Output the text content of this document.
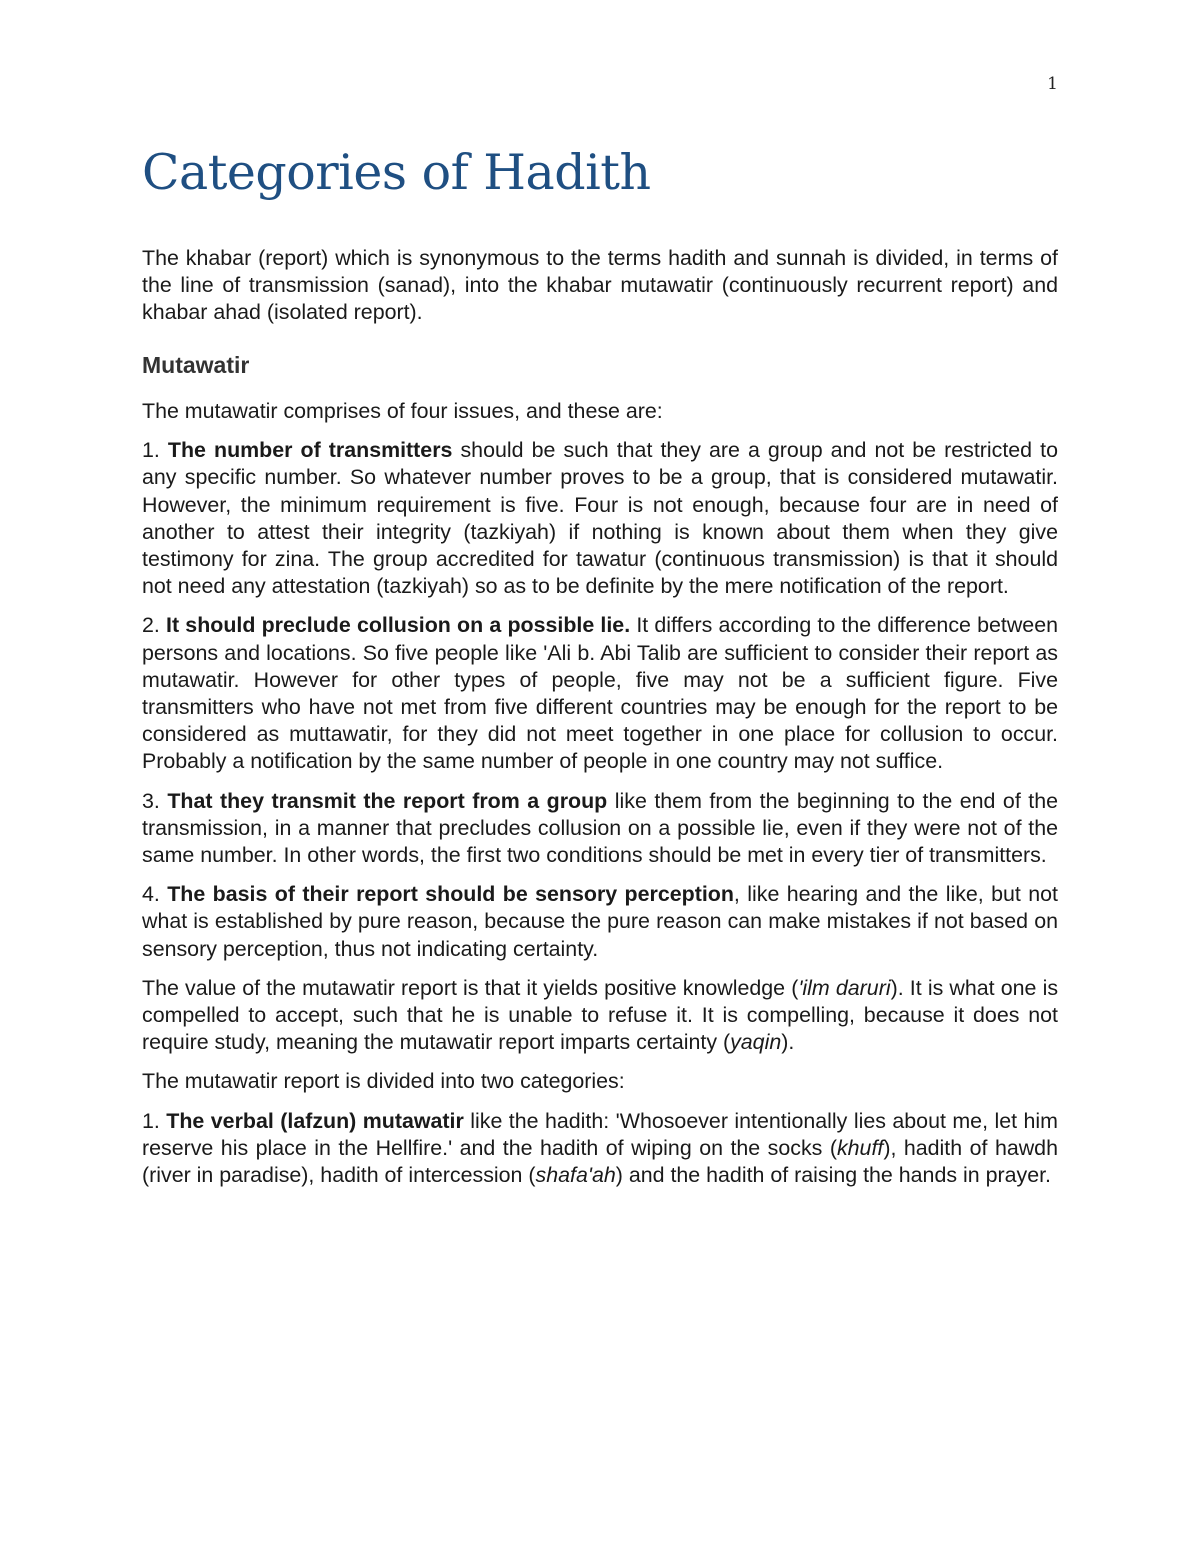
1
Categories of Hadith

The khabar (report) which is synonymous to the terms hadith and sunnah is divided, in terms of the line of transmission (sanad), into the khabar mutawatir (continuously recurrent report) and khabar ahad (isolated report).

Mutawatir

The mutawatir comprises of four issues, and these are:

1. The number of transmitters should be such that they are a group and not be restricted to any specific number. So whatever number proves to be a group, that is considered mutawatir. However, the minimum requirement is five. Four is not enough, because four are in need of another to attest their integrity (tazkiyah) if nothing is known about them when they give testimony for zina. The group accredited for tawatur (continuous transmission) is that it should not need any attestation (tazkiyah) so as to be definite by the mere notification of the report.

2. It should preclude collusion on a possible lie. It differs according to the difference between persons and locations. So five people like 'Ali b. Abi Talib are sufficient to consider their report as mutawatir. However for other types of people, five may not be a sufficient figure. Five transmitters who have not met from five different countries may be enough for the report to be considered as muttawatir, for they did not meet together in one place for collusion to occur. Probably a notification by the same number of people in one country may not suffice.

3. That they transmit the report from a group like them from the beginning to the end of the transmission, in a manner that precludes collusion on a possible lie, even if they were not of the same number. In other words, the first two conditions should be met in every tier of transmitters.

4. The basis of their report should be sensory perception, like hearing and the like, but not what is established by pure reason, because the pure reason can make mistakes if not based on sensory perception, thus not indicating certainty.

The value of the mutawatir report is that it yields positive knowledge ('ilm daruri). It is what one is compelled to accept, such that he is unable to refuse it. It is compelling, because it does not require study, meaning the mutawatir report imparts certainty (yaqin).

The mutawatir report is divided into two categories:

1. The verbal (lafzun) mutawatir like the hadith: 'Whosoever intentionally lies about me, let him reserve his place in the Hellfire.' and the hadith of wiping on the socks (khuff), hadith of hawdh (river in paradise), hadith of intercession (shafa'ah) and the hadith of raising the hands in prayer.
